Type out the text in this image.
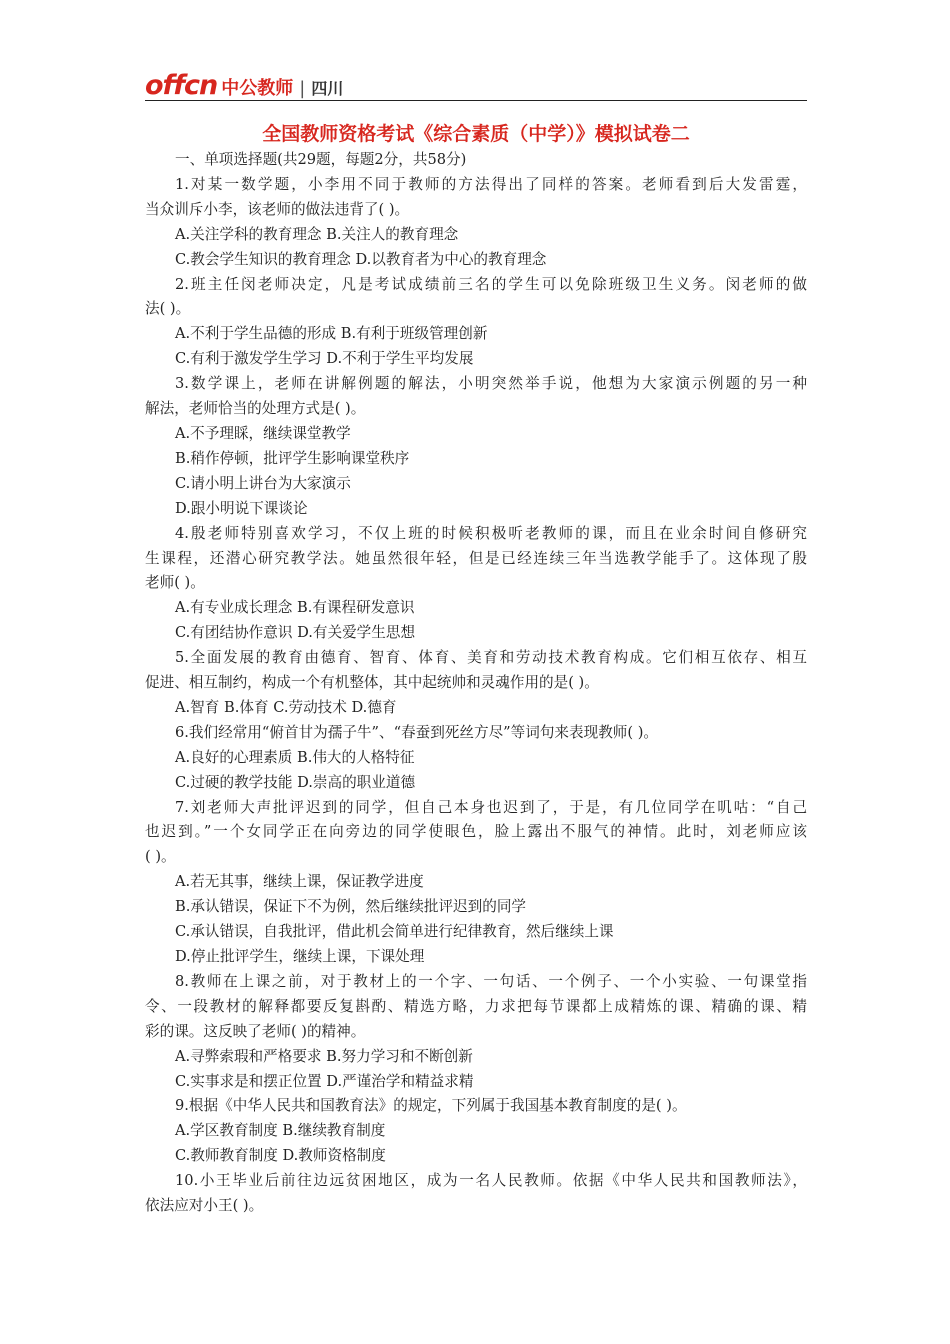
offcn 中公教师 | 四川
全国教师资格考试《综合素质（中学）》模拟试卷二
一、单项选择题(共29题，每题2分，共58分)
1.对某一数学题，小李用不同于教师的方法得出了同样的答案。老师看到后大发雷霆，
当众训斥小李，该老师的做法违背了( )。
A.关注学科的教育理念 B.关注人的教育理念
C.教会学生知识的教育理念 D.以教育者为中心的教育理念
2.班主任闵老师决定，凡是考试成绩前三名的学生可以免除班级卫生义务。闵老师的做
法( )。
A.不利于学生品德的形成 B.有利于班级管理创新
C.有利于激发学生学习 D.不利于学生平均发展
3.数学课上，老师在讲解例题的解法，小明突然举手说，他想为大家演示例题的另一种
解法，老师恰当的处理方式是( )。
A.不予理睬，继续课堂教学
B.稍作停顿，批评学生影响课堂秩序
C.请小明上讲台为大家演示
D.跟小明说下课谈论
4.殷老师特别喜欢学习，不仅上班的时候积极听老教师的课，而且在业余时间自修研究
生课程，还潜心研究教学法。她虽然很年轻，但是已经连续三年当选教学能手了。这体现了殷
老师( )。
A.有专业成长理念 B.有课程研发意识
C.有团结协作意识 D.有关爱学生思想
5.全面发展的教育由德育、智育、体育、美育和劳动技术教育构成。它们相互依存、相互
促进、相互制约，构成一个有机整体，其中起统帅和灵魂作用的是( )。
A.智育 B.体育 C.劳动技术 D.德育
6.我们经常用“俯首甘为孺子牛”、“春蚕到死丝方尽”等词句来表现教师( )。
A.良好的心理素质 B.伟大的人格特征
C.过硬的教学技能 D.崇高的职业道德
7.刘老师大声批评迟到的同学，但自己本身也迟到了，于是，有几位同学在叽咕：“自己
也迟到。”一个女同学正在向旁边的同学使眼色，脸上露出不服气的神情。此时，刘老师应该
( )。
A.若无其事，继续上课，保证教学进度
B.承认错误，保证下不为例，然后继续批评迟到的同学
C.承认错误，自我批评，借此机会简单进行纪律教育，然后继续上课
D.停止批评学生，继续上课，下课处理
8.教师在上课之前，对于教材上的一个字、一句话、一个例子、一个小实验、一句课堂指
令、一段教材的解释都要反复斟酌、精选方略，力求把每节课都上成精炼的课、精确的课、精
彩的课。这反映了老师( )的精神。
A.寻弊索瑕和严格要求 B.努力学习和不断创新
C.实事求是和摆正位置 D.严谨治学和精益求精
9.根据《中华人民共和国教育法》的规定，下列属于我国基本教育制度的是( )。
A.学区教育制度 B.继续教育制度
C.教师教育制度 D.教师资格制度
10.小王毕业后前往边远贫困地区，成为一名人民教师。依据《中华人民共和国教师法》，
依法应对小王( )。
